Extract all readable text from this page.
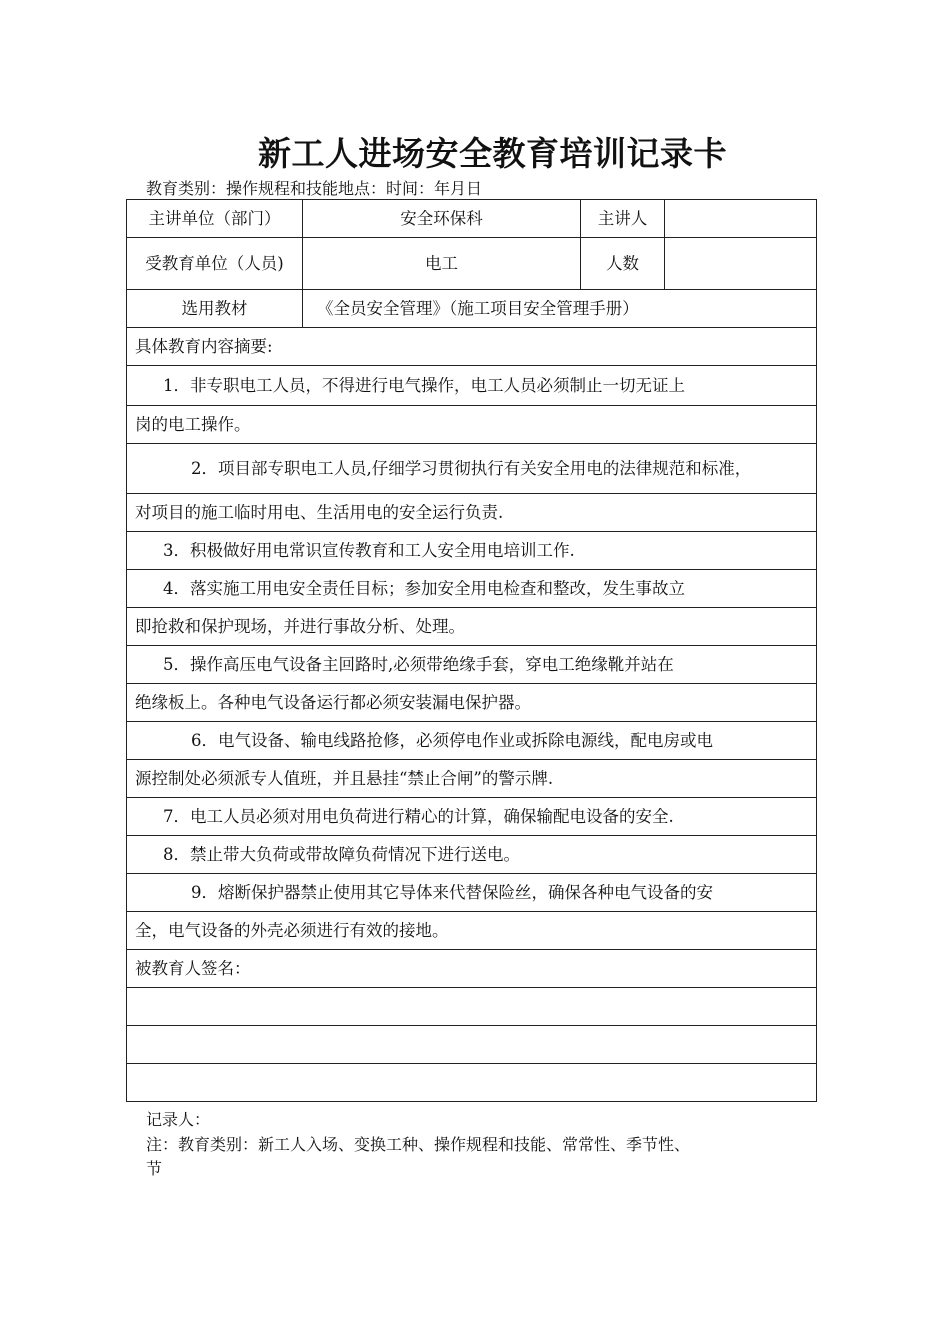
新工人进场安全教育培训记录卡
教育类别：操作规程和技能地点：时间：年月日
主讲单位（部门）	安全环保科	主讲人	
受教育单位（人员)	电工	人数	
选用教材	《全员安全管理》（施工项目安全管理手册）		
具体教育内容摘要:			
1．非专职电工人员，不得进行电气操作，电工人员必须制止一切无证上			
岗的电工操作。			
2．项目部专职电工人员,仔细学习贯彻执行有关安全用电的法律规范和标准，			
对项目的施工临时用电、生活用电的安全运行负责.			
3．积极做好用电常识宣传教育和工人安全用电培训工作.			
4．落实施工用电安全责任目标；参加安全用电检查和整改，发生事故立			
即抢救和保护现场，并进行事故分析、处理。			
5．操作高压电气设备主回路时,必须带绝缘手套，穿电工绝缘靴并站在			
绝缘板上。各种电气设备运行都必须安装漏电保护器。			
6．电气设备、输电线路抢修，必须停电作业或拆除电源线，配电房或电			
源控制处必须派专人值班，并且悬挂“禁止合闸”的警示牌.			
7．电工人员必须对用电负荷进行精心的计算，确保输配电设备的安全.			
8．禁止带大负荷或带故障负荷情况下进行送电。			
9．熔断保护器禁止使用其它导体来代替保险丝，确保各种电气设备的安			
全，电气设备的外壳必须进行有效的接地。			
被教育人签名：			

记录人：
注：教育类别：新工人入场、变换工种、操作规程和技能、常常性、季节性、
节
